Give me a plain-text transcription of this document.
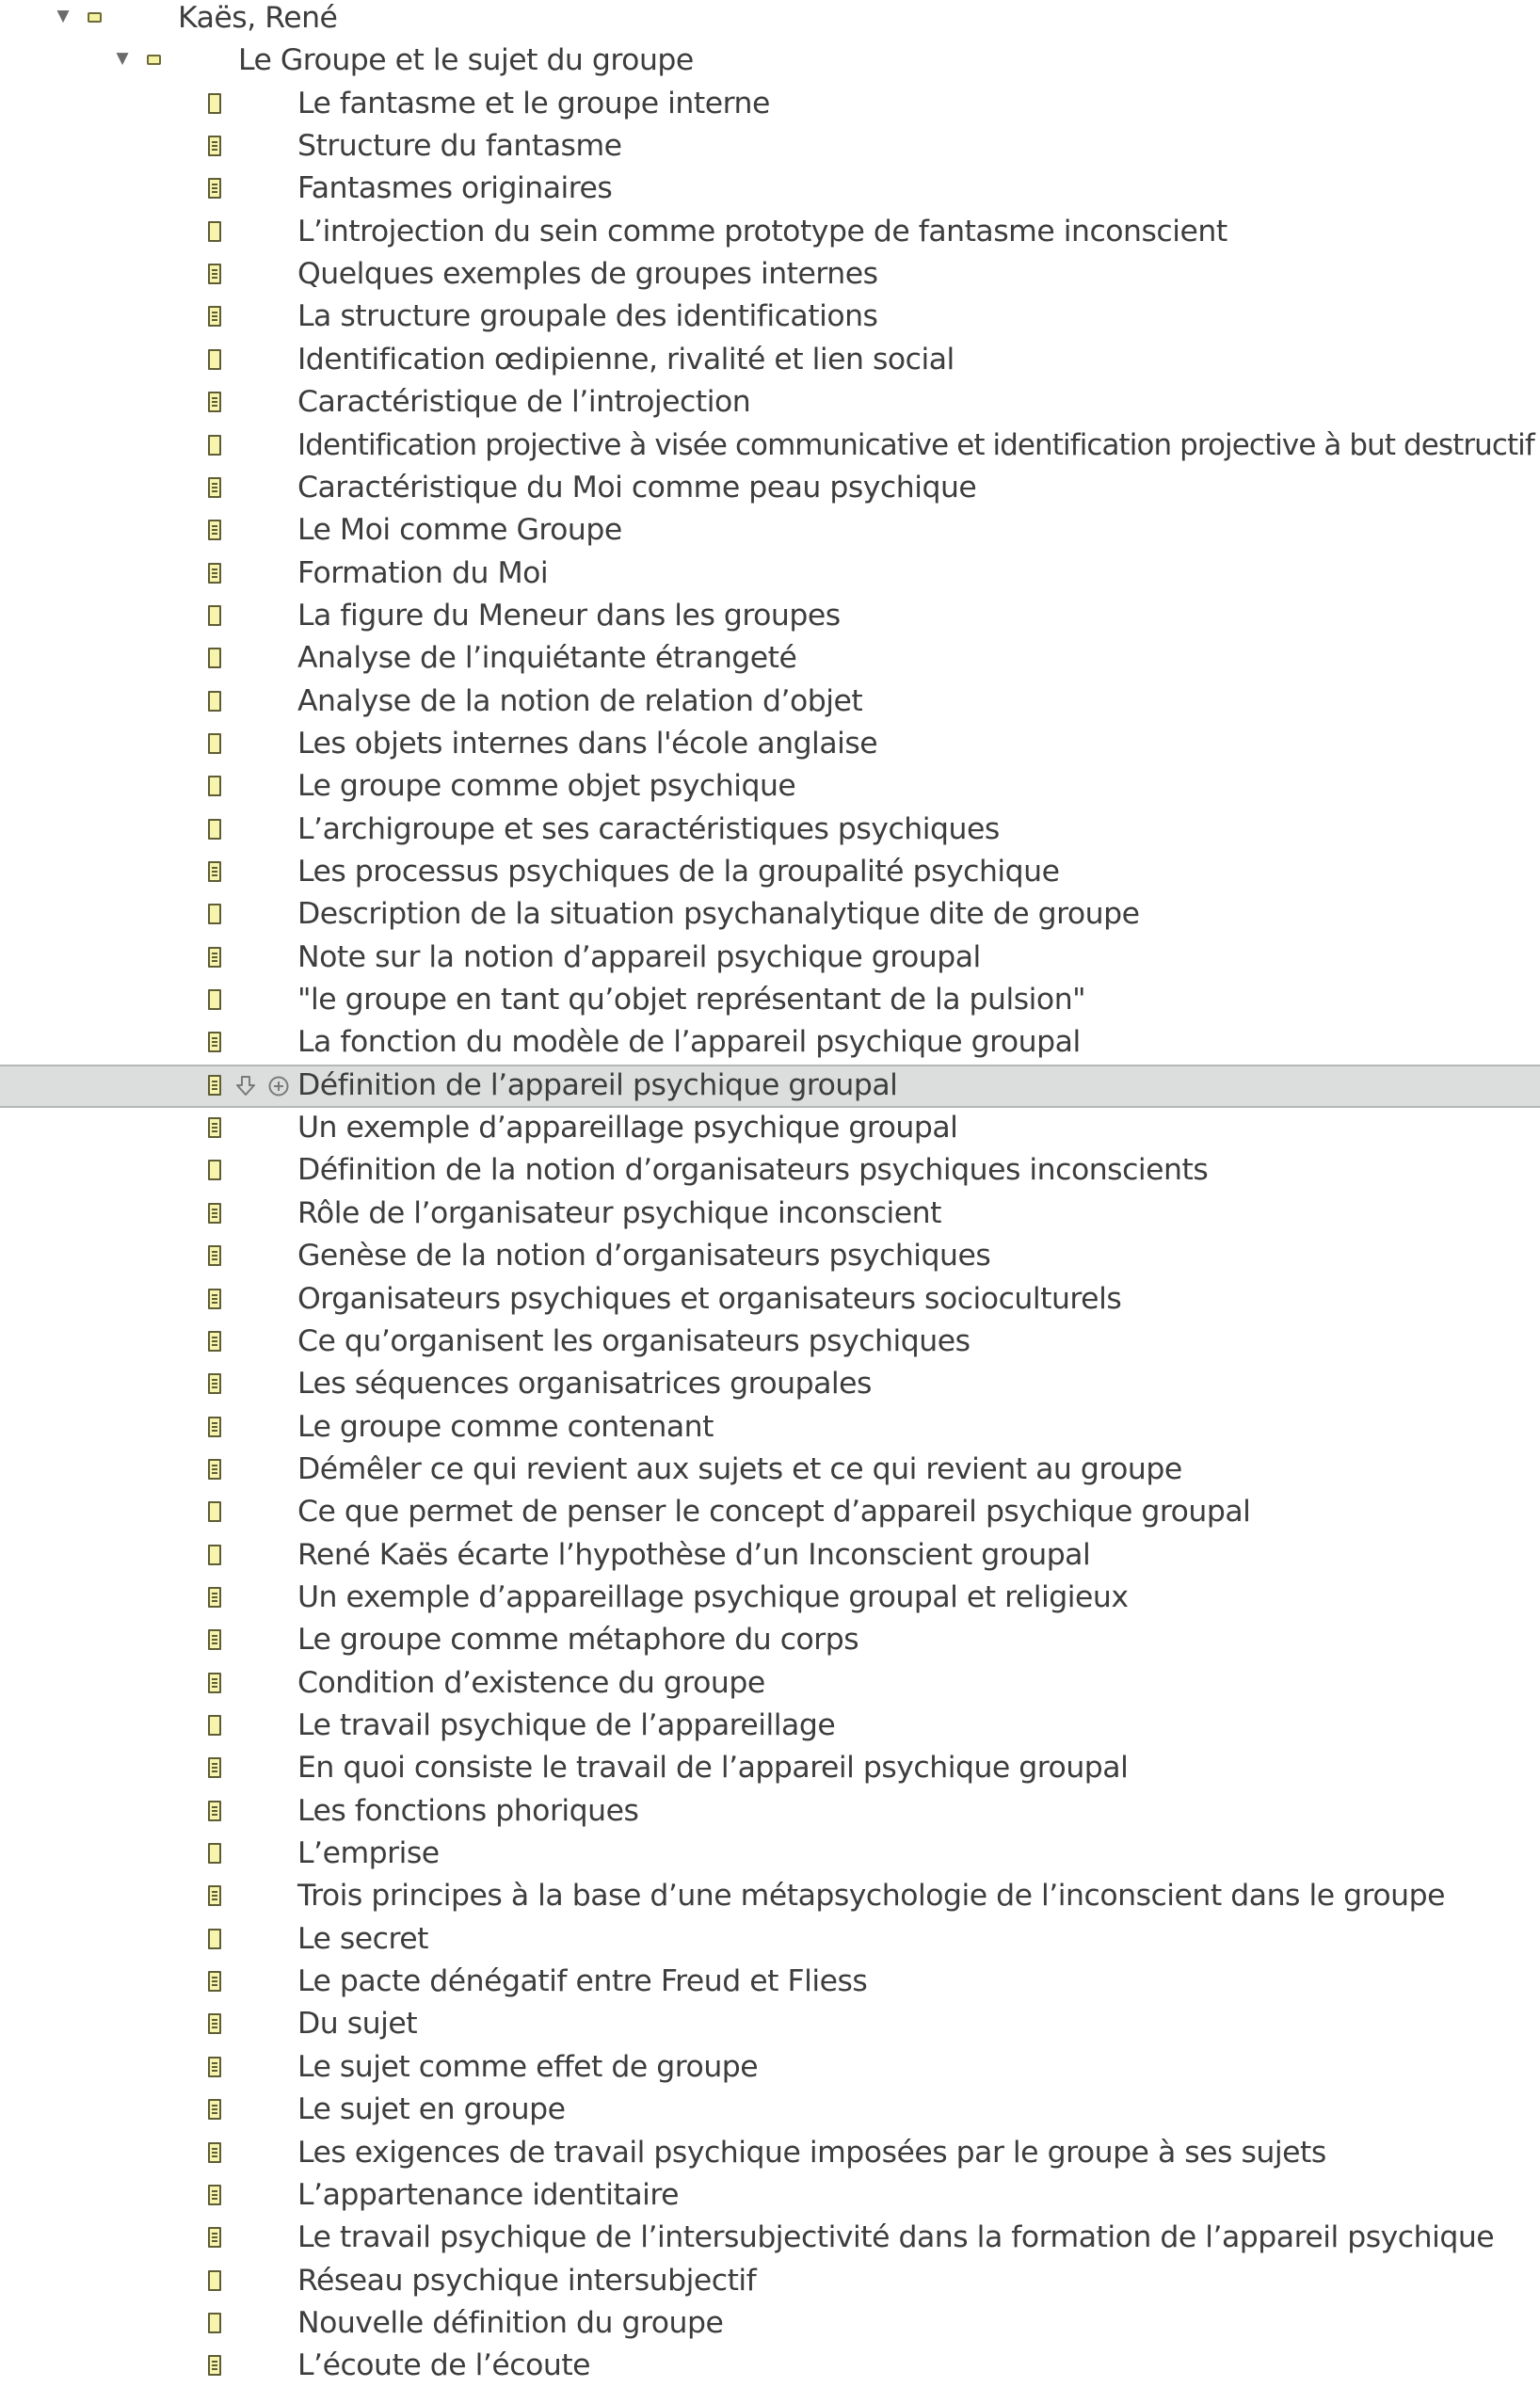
▼	Kaës, René
▼	Le Groupe et le sujet du groupe
Le fantasme et le groupe interne
Structure du fantasme
Fantasmes originaires
L’introjection du sein comme prototype de fantasme inconscient
Quelques exemples de groupes internes
La structure groupale des identifications
Identification œdipienne, rivalité et lien social
Caractéristique de l’introjection
Identification projective à visée communicative et identification projective à but destructif
Caractéristique du Moi comme peau psychique
Le Moi comme Groupe
Formation du Moi
La figure du Meneur dans les groupes
Analyse de l’inquiétante étrangeté
Analyse de la notion de relation d’objet
Les objets internes dans l'école anglaise
Le groupe comme objet psychique
L’archigroupe et ses caractéristiques psychiques
Les processus psychiques de la groupalité psychique
Description de la situation psychanalytique dite de groupe
Note sur la notion d’appareil psychique groupal
"le groupe en tant qu’objet représentant de la pulsion"
La fonction du modèle de l’appareil psychique groupal
Définition de l’appareil psychique groupal
Un exemple d’appareillage psychique groupal
Définition de la notion d’organisateurs psychiques inconscients
Rôle de l’organisateur psychique inconscient
Genèse de la notion d’organisateurs psychiques
Organisateurs psychiques et organisateurs socioculturels
Ce qu’organisent les organisateurs psychiques
Les séquences organisatrices groupales
Le groupe comme contenant
Démêler ce qui revient aux sujets et ce qui revient au groupe
Ce que permet de penser le concept d’appareil psychique groupal
René Kaës écarte l’hypothèse d’un Inconscient groupal
Un exemple d’appareillage psychique groupal et religieux
Le groupe comme métaphore du corps
Condition d’existence du groupe
Le travail psychique de l’appareillage
En quoi consiste le travail de l’appareil psychique groupal
Les fonctions phoriques
L’emprise
Trois principes à la base d’une métapsychologie de l’inconscient dans le groupe
Le secret
Le pacte dénégatif entre Freud et Fliess
Du sujet
Le sujet comme effet de groupe
Le sujet en groupe
Les exigences de travail psychique imposées par le groupe à ses sujets
L’appartenance identitaire
Le travail psychique de l’intersubjectivité dans la formation de l’appareil psychique
Réseau psychique intersubjectif
Nouvelle définition du groupe
L’écoute de l’écoute
